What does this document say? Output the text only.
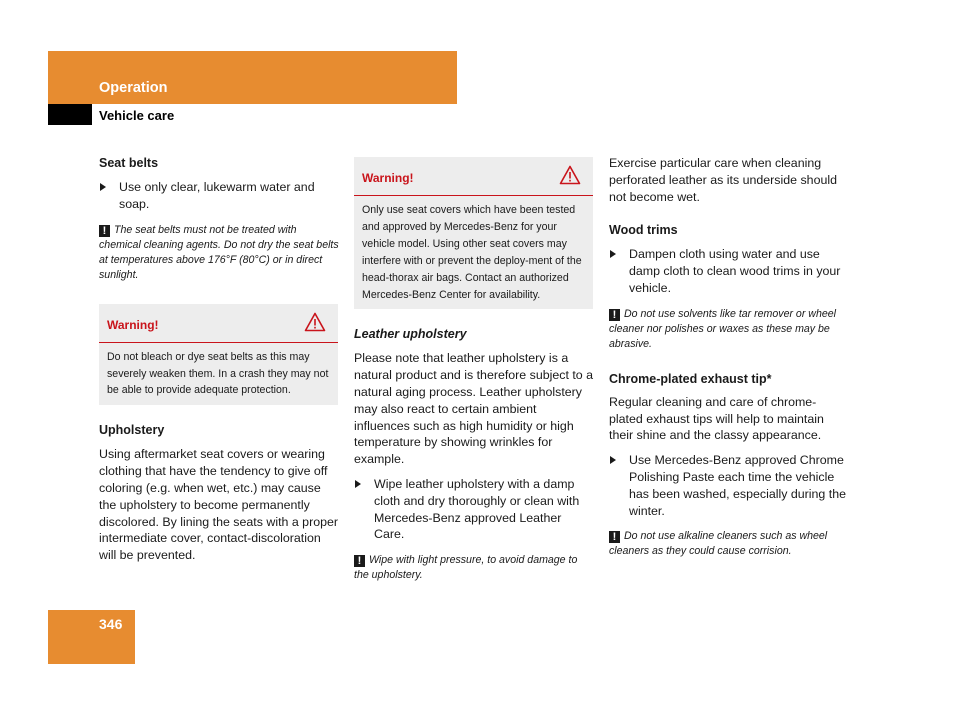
Operation
Vehicle care

Seat belts

Use only clear, lukewarm water and soap.

! The seat belts must not be treated with chemical cleaning agents. Do not dry the seat belts at temperatures above 176°F (80°C) or in direct sunlight.

Warning!
Do not bleach or dye seat belts as this may severely weaken them. In a crash they may not be able to provide adequate protection.

Upholstery

Using aftermarket seat covers or wearing clothing that have the tendency to give off coloring (e.g. when wet, etc.) may cause the upholstery to become permanently discolored. By lining the seats with a proper intermediate cover, contact-discoloration will be prevented.

Warning!
Only use seat covers which have been tested and approved by Mercedes-Benz for your vehicle model. Using other seat covers may interfere with or prevent the deploy-ment of the head-thorax air bags. Contact an authorized Mercedes-Benz Center for availability.

Leather upholstery

Please note that leather upholstery is a natural product and is therefore subject to a natural aging process. Leather upholstery may also react to certain ambient influences such as high humidity or high temperature by showing wrinkles for example.

Wipe leather upholstery with a damp cloth and dry thoroughly or clean with Mercedes-Benz approved Leather Care.

! Wipe with light pressure, to avoid damage to the upholstery.

Exercise particular care when cleaning perforated leather as its underside should not become wet.

Wood trims

Dampen cloth using water and use damp cloth to clean wood trims in your vehicle.

! Do not use solvents like tar remover or wheel cleaner nor polishes or waxes as these may be abrasive.

Chrome-plated exhaust tip*

Regular cleaning and care of chrome-plated exhaust tips will help to maintain their shine and the classy appearance.

Use Mercedes-Benz approved Chrome Polishing Paste each time the vehicle has been washed, especially during the winter.

! Do not use alkaline cleaners such as wheel cleaners as they could cause corrision.

346
